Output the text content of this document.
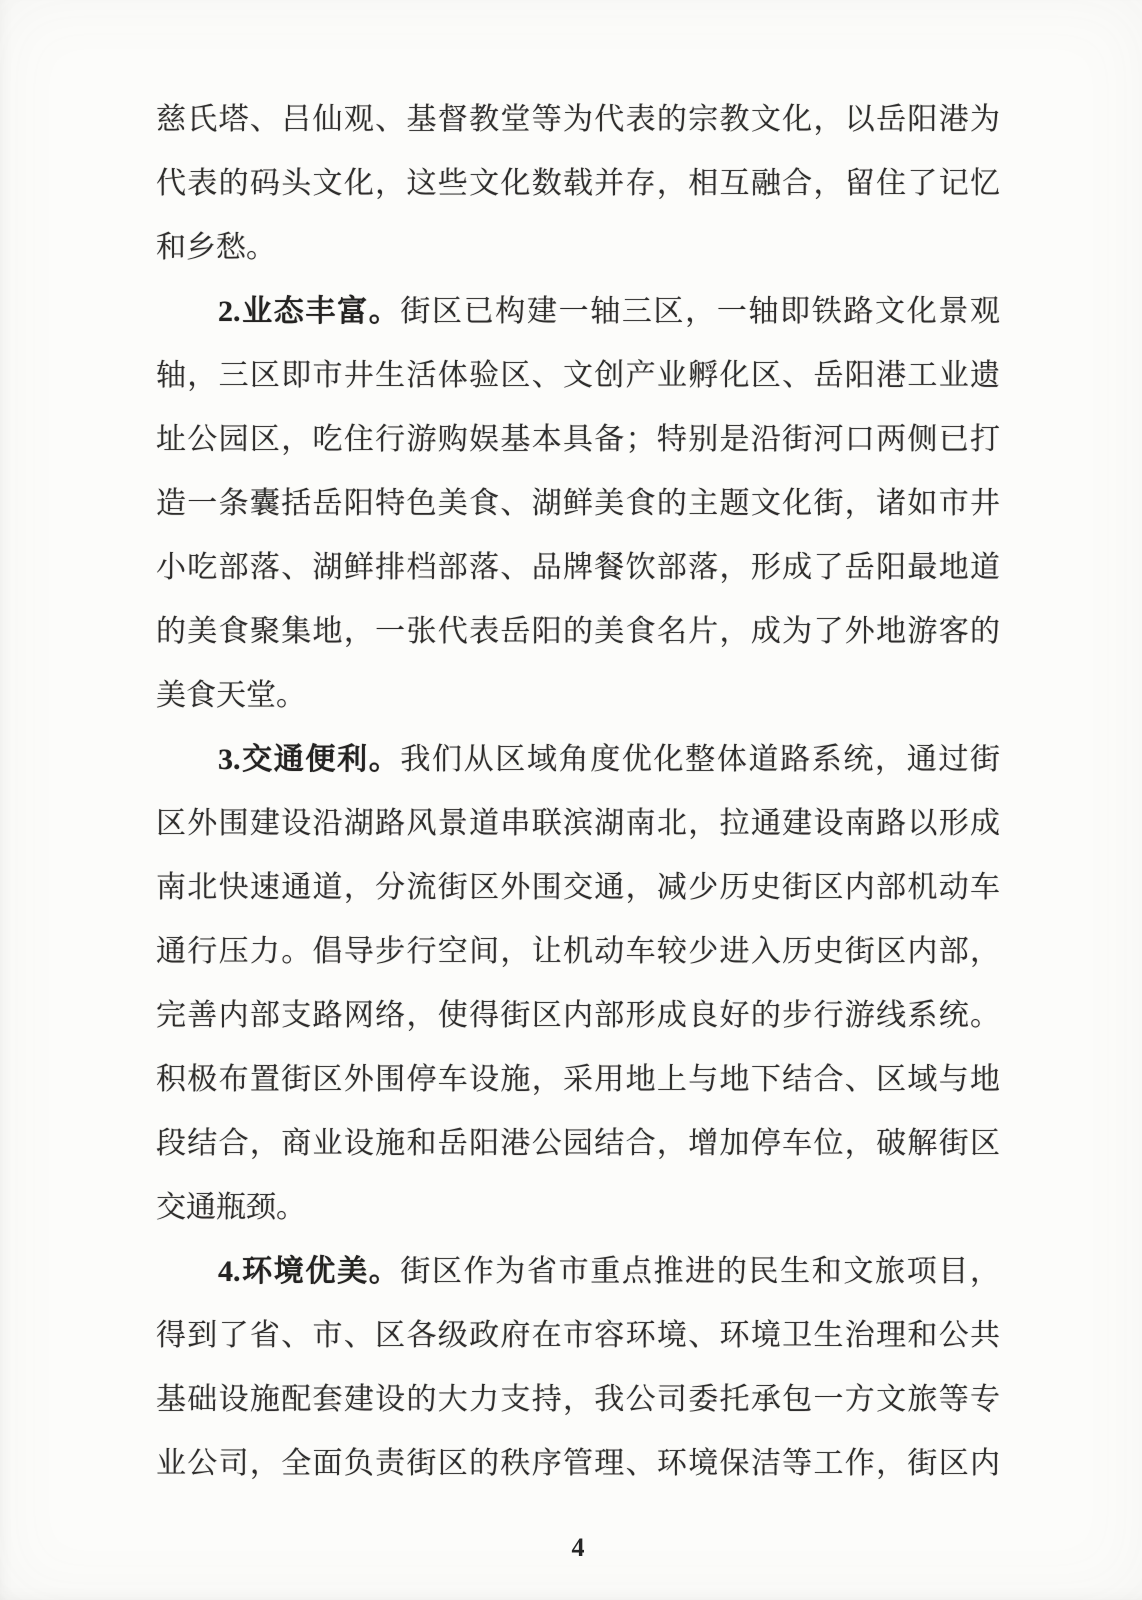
慈氏塔、吕仙观、基督教堂等为代表的宗教文化，以岳阳港为
代表的码头文化，这些文化数载并存，相互融合，留住了记忆
和乡愁。
2.业态丰富。街区已构建一轴三区，一轴即铁路文化景观
轴，三区即市井生活体验区、文创产业孵化区、岳阳港工业遗
址公园区，吃住行游购娱基本具备；特别是沿街河口两侧已打
造一条囊括岳阳特色美食、湖鲜美食的主题文化街，诸如市井
小吃部落、湖鲜排档部落、品牌餐饮部落，形成了岳阳最地道
的美食聚集地，一张代表岳阳的美食名片，成为了外地游客的
美食天堂。
3.交通便利。我们从区域角度优化整体道路系统，通过街
区外围建设沿湖路风景道串联滨湖南北，拉通建设南路以形成
南北快速通道，分流街区外围交通，减少历史街区内部机动车
通行压力。倡导步行空间，让机动车较少进入历史街区内部，
完善内部支路网络，使得街区内部形成良好的步行游线系统。
积极布置街区外围停车设施，采用地上与地下结合、区域与地
段结合，商业设施和岳阳港公园结合，增加停车位，破解街区
交通瓶颈。
4.环境优美。街区作为省市重点推进的民生和文旅项目，
得到了省、市、区各级政府在市容环境、环境卫生治理和公共
基础设施配套建设的大力支持，我公司委托承包一方文旅等专
业公司，全面负责街区的秩序管理、环境保洁等工作，街区内
4
